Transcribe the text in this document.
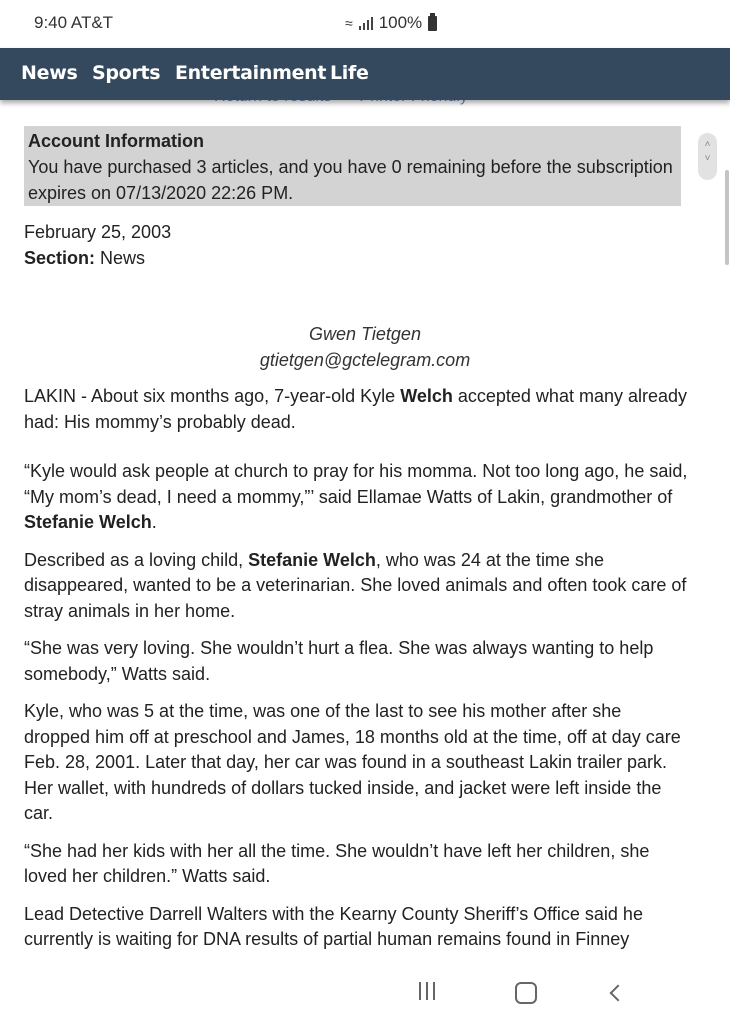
9:40 AT&T	≈ 100%
News Sports Entertainment Life
Account Information
You have purchased 3 articles, and you have 0 remaining before the subscription expires on 07/13/2020 22:26 PM.
˄
˅
February 25, 2003
Section: News
Gwen Tietgen
gtietgen@gctelegram.com

LAKIN - About six months ago, 7-year-old Kyle Welch accepted what many already had: His mommy’s probably dead.

“Kyle would ask people at church to pray for his momma. Not too long ago, he said, “My mom’s dead, I need a mommy,”’ said Ellamae Watts of Lakin, grandmother of Stefanie Welch.

Described as a loving child, Stefanie Welch, who was 24 at the time she disappeared, wanted to be a veterinarian. She loved animals and often took care of stray animals in her home.

“She was very loving. She wouldn’t hurt a flea. She was always wanting to help somebody,” Watts said.

Kyle, who was 5 at the time, was one of the last to see his mother after she dropped him off at preschool and James, 18 months old at the time, off at day care Feb. 28, 2001. Later that day, her car was found in a southeast Lakin trailer park. Her wallet, with hundreds of dollars tucked inside, and jacket were left inside the car.

“She had her kids with her all the time. She wouldn’t have left her children, she loved her children.” Watts said.

Lead Detective Darrell Walters with the Kearny County Sheriff’s Office said he currently is waiting for DNA results of partial human remains found in Finney
